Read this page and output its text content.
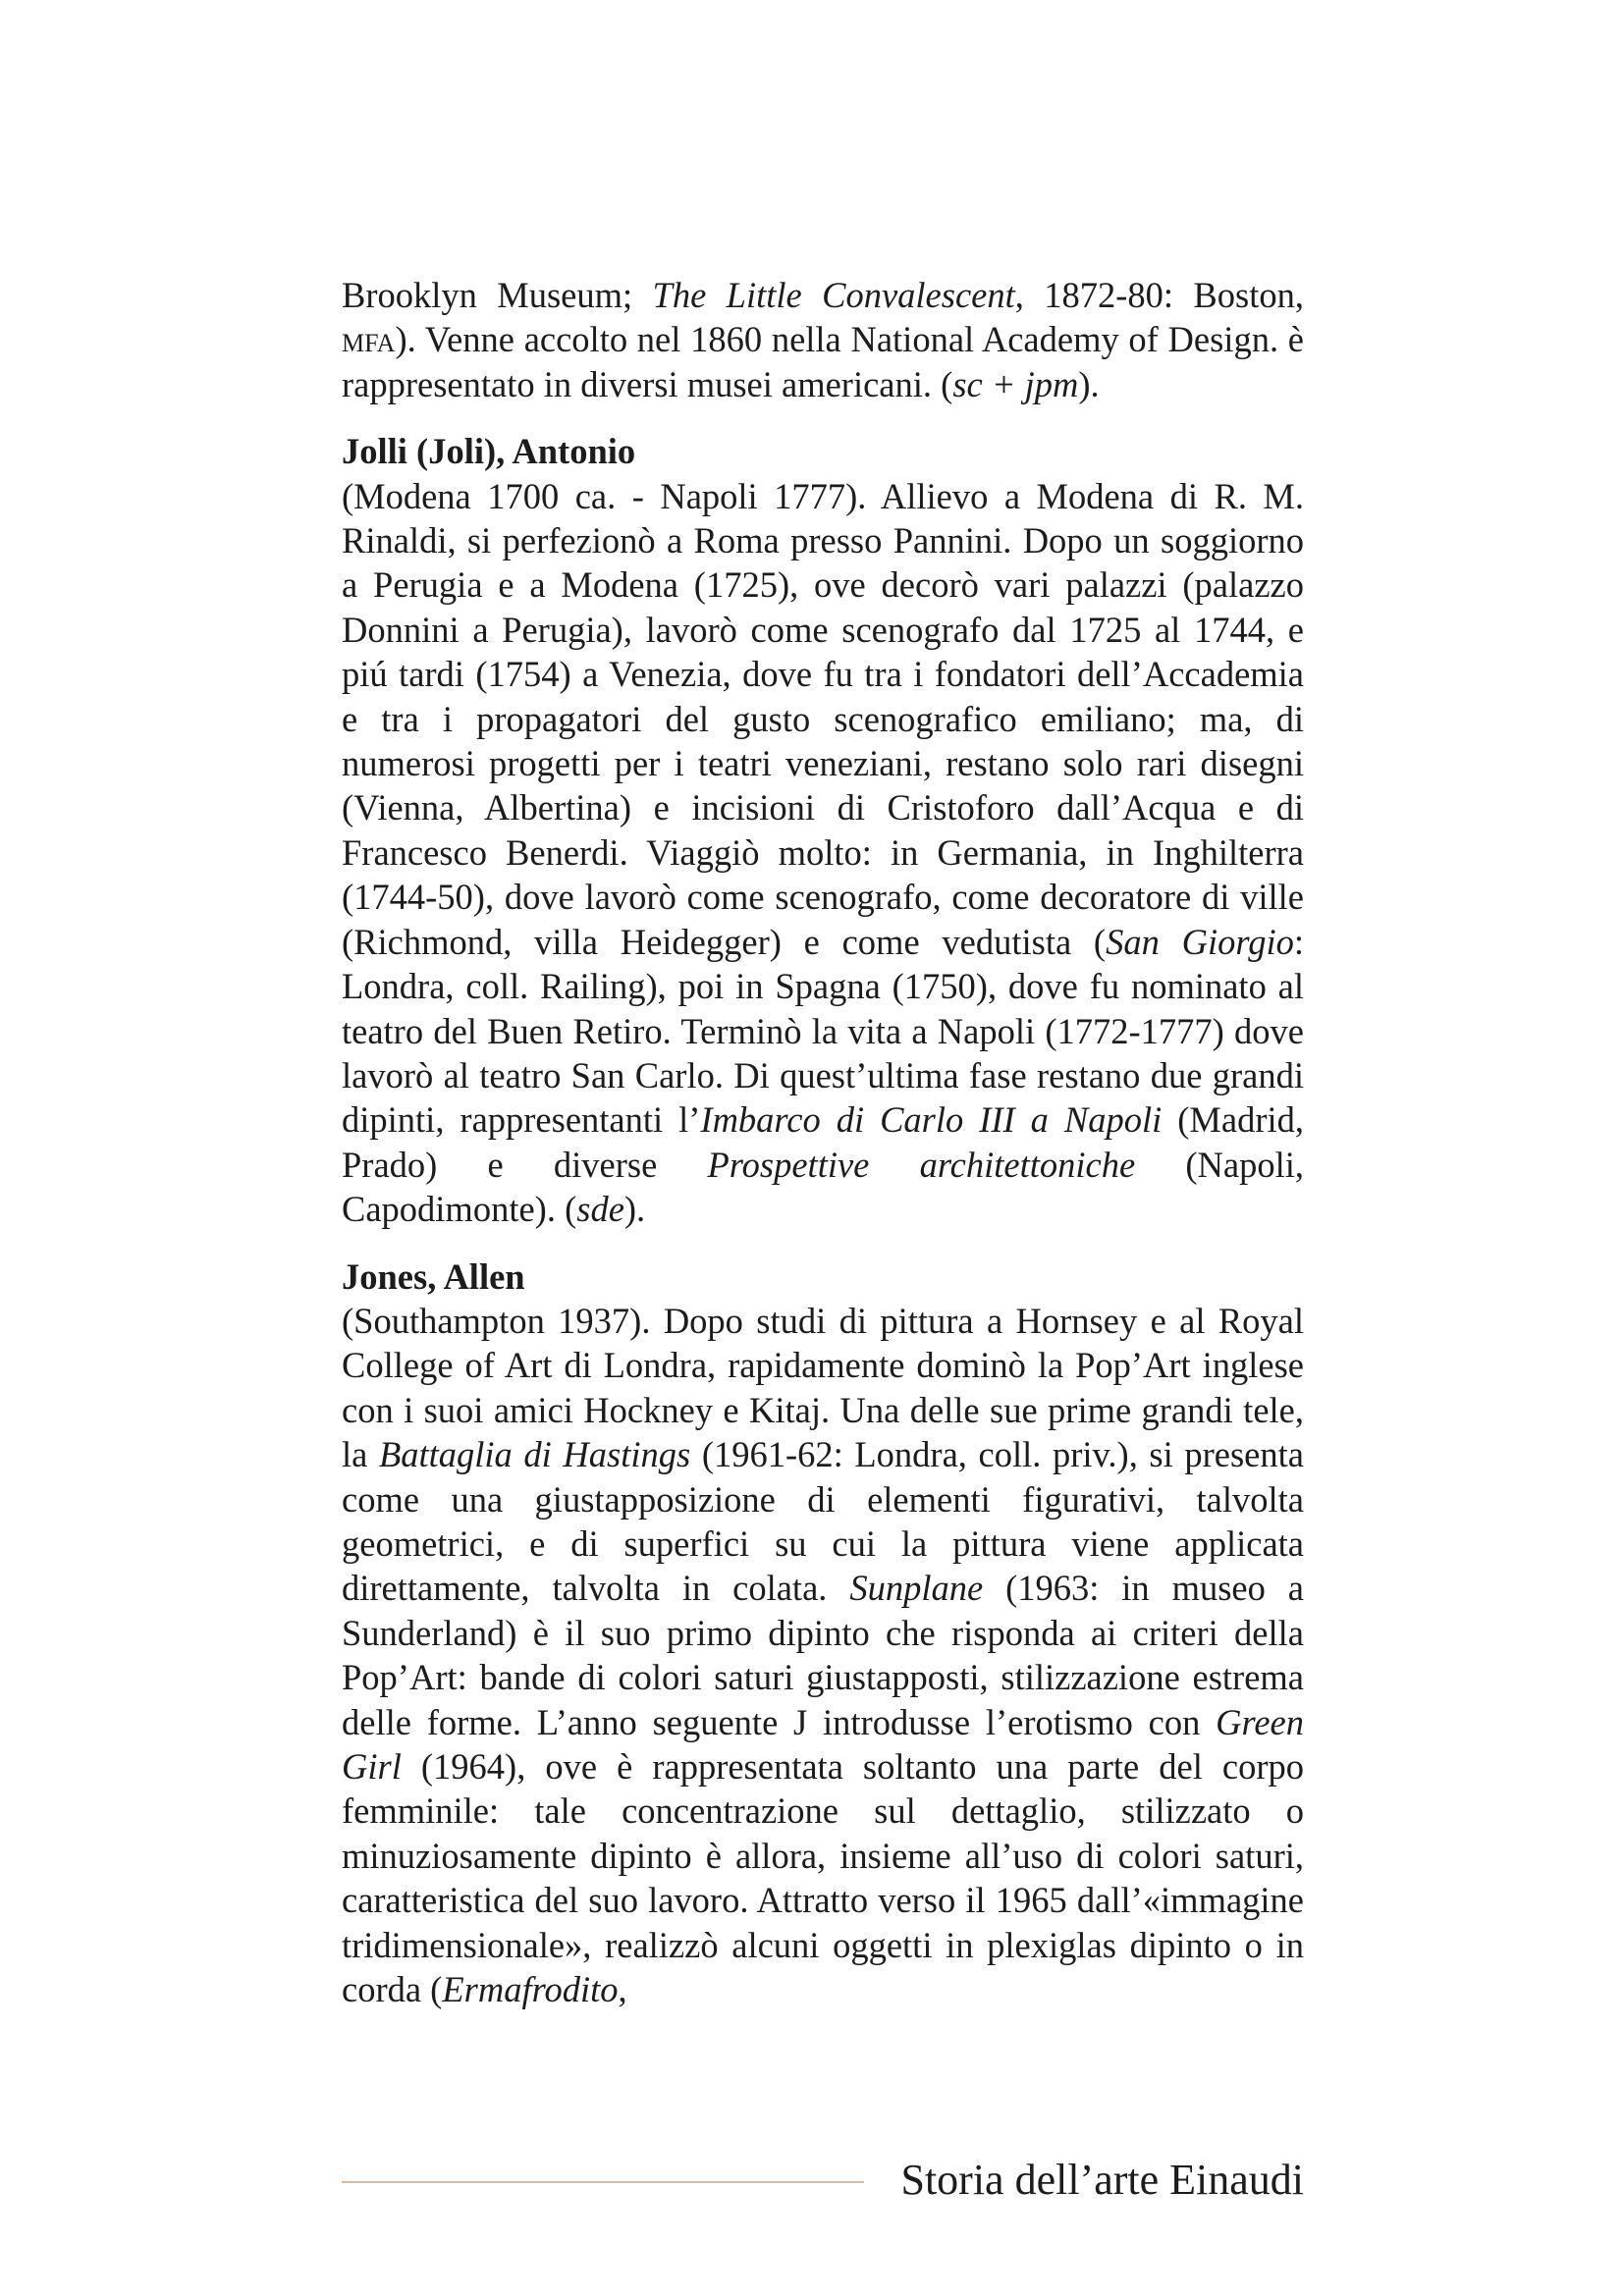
Brooklyn Museum; The Little Convalescent, 1872-80: Boston, mfa). Venne accolto nel 1860 nella National Academy of Design. è rappresentato in diversi musei americani. (sc + jpm).

Jolli (Joli), Antonio

(Modena 1700 ca. - Napoli 1777). Allievo a Modena di R. M. Rinaldi, si perfezionò a Roma presso Pannini. Dopo un soggiorno a Perugia e a Modena (1725), ove decorò vari palazzi (palazzo Donnini a Perugia), lavorò come scenografo dal 1725 al 1744, e piú tardi (1754) a Venezia, dove fu tra i fondatori dell’Accademia e tra i propagatori del gusto scenografico emiliano; ma, di numerosi progetti per i teatri veneziani, restano solo rari disegni (Vienna, Albertina) e incisioni di Cristoforo dall’Acqua e di Francesco Benerdi. Viaggiò molto: in Germania, in Inghilterra (1744-50), dove lavorò come scenografo, come decoratore di ville (Richmond, villa Heidegger) e come vedutista (San Giorgio: Londra, coll. Railing), poi in Spagna (1750), dove fu nominato al teatro del Buen Retiro. Terminò la vita a Napoli (1772-1777) dove lavorò al teatro San Carlo. Di quest’ultima fase restano due grandi dipinti, rappresentanti l’Imbarco di Carlo III a Napoli (Madrid, Prado) e diverse Prospettive architettoniche (Napoli, Capodimonte). (sde).

Jones, Allen

(Southampton 1937). Dopo studi di pittura a Hornsey e al Royal College of Art di Londra, rapidamente dominò la Pop’Art inglese con i suoi amici Hockney e Kitaj. Una delle sue prime grandi tele, la Battaglia di Hastings (1961-62: Londra, coll. priv.), si presenta come una giustapposizione di elementi figurativi, talvolta geometrici, e di superfici su cui la pittura viene applicata direttamente, talvolta in colata. Sunplane (1963: in museo a Sunderland) è il suo primo dipinto che risponda ai criteri della Pop’Art: bande di colori saturi giustapposti, stilizzazione estrema delle forme. L’anno seguente J introdusse l’erotismo con Green Girl (1964), ove è rappresentata soltanto una parte del corpo femminile: tale concentrazione sul dettaglio, stilizzato o minuziosamente dipinto è allora, insieme all’uso di colori saturi, caratteristica del suo lavoro. Attratto verso il 1965 dall’«immagine tridimensionale», realizzò alcuni oggetti in plexiglas dipinto o in corda (Ermafrodito,

Storia dell’arte Einaudi
